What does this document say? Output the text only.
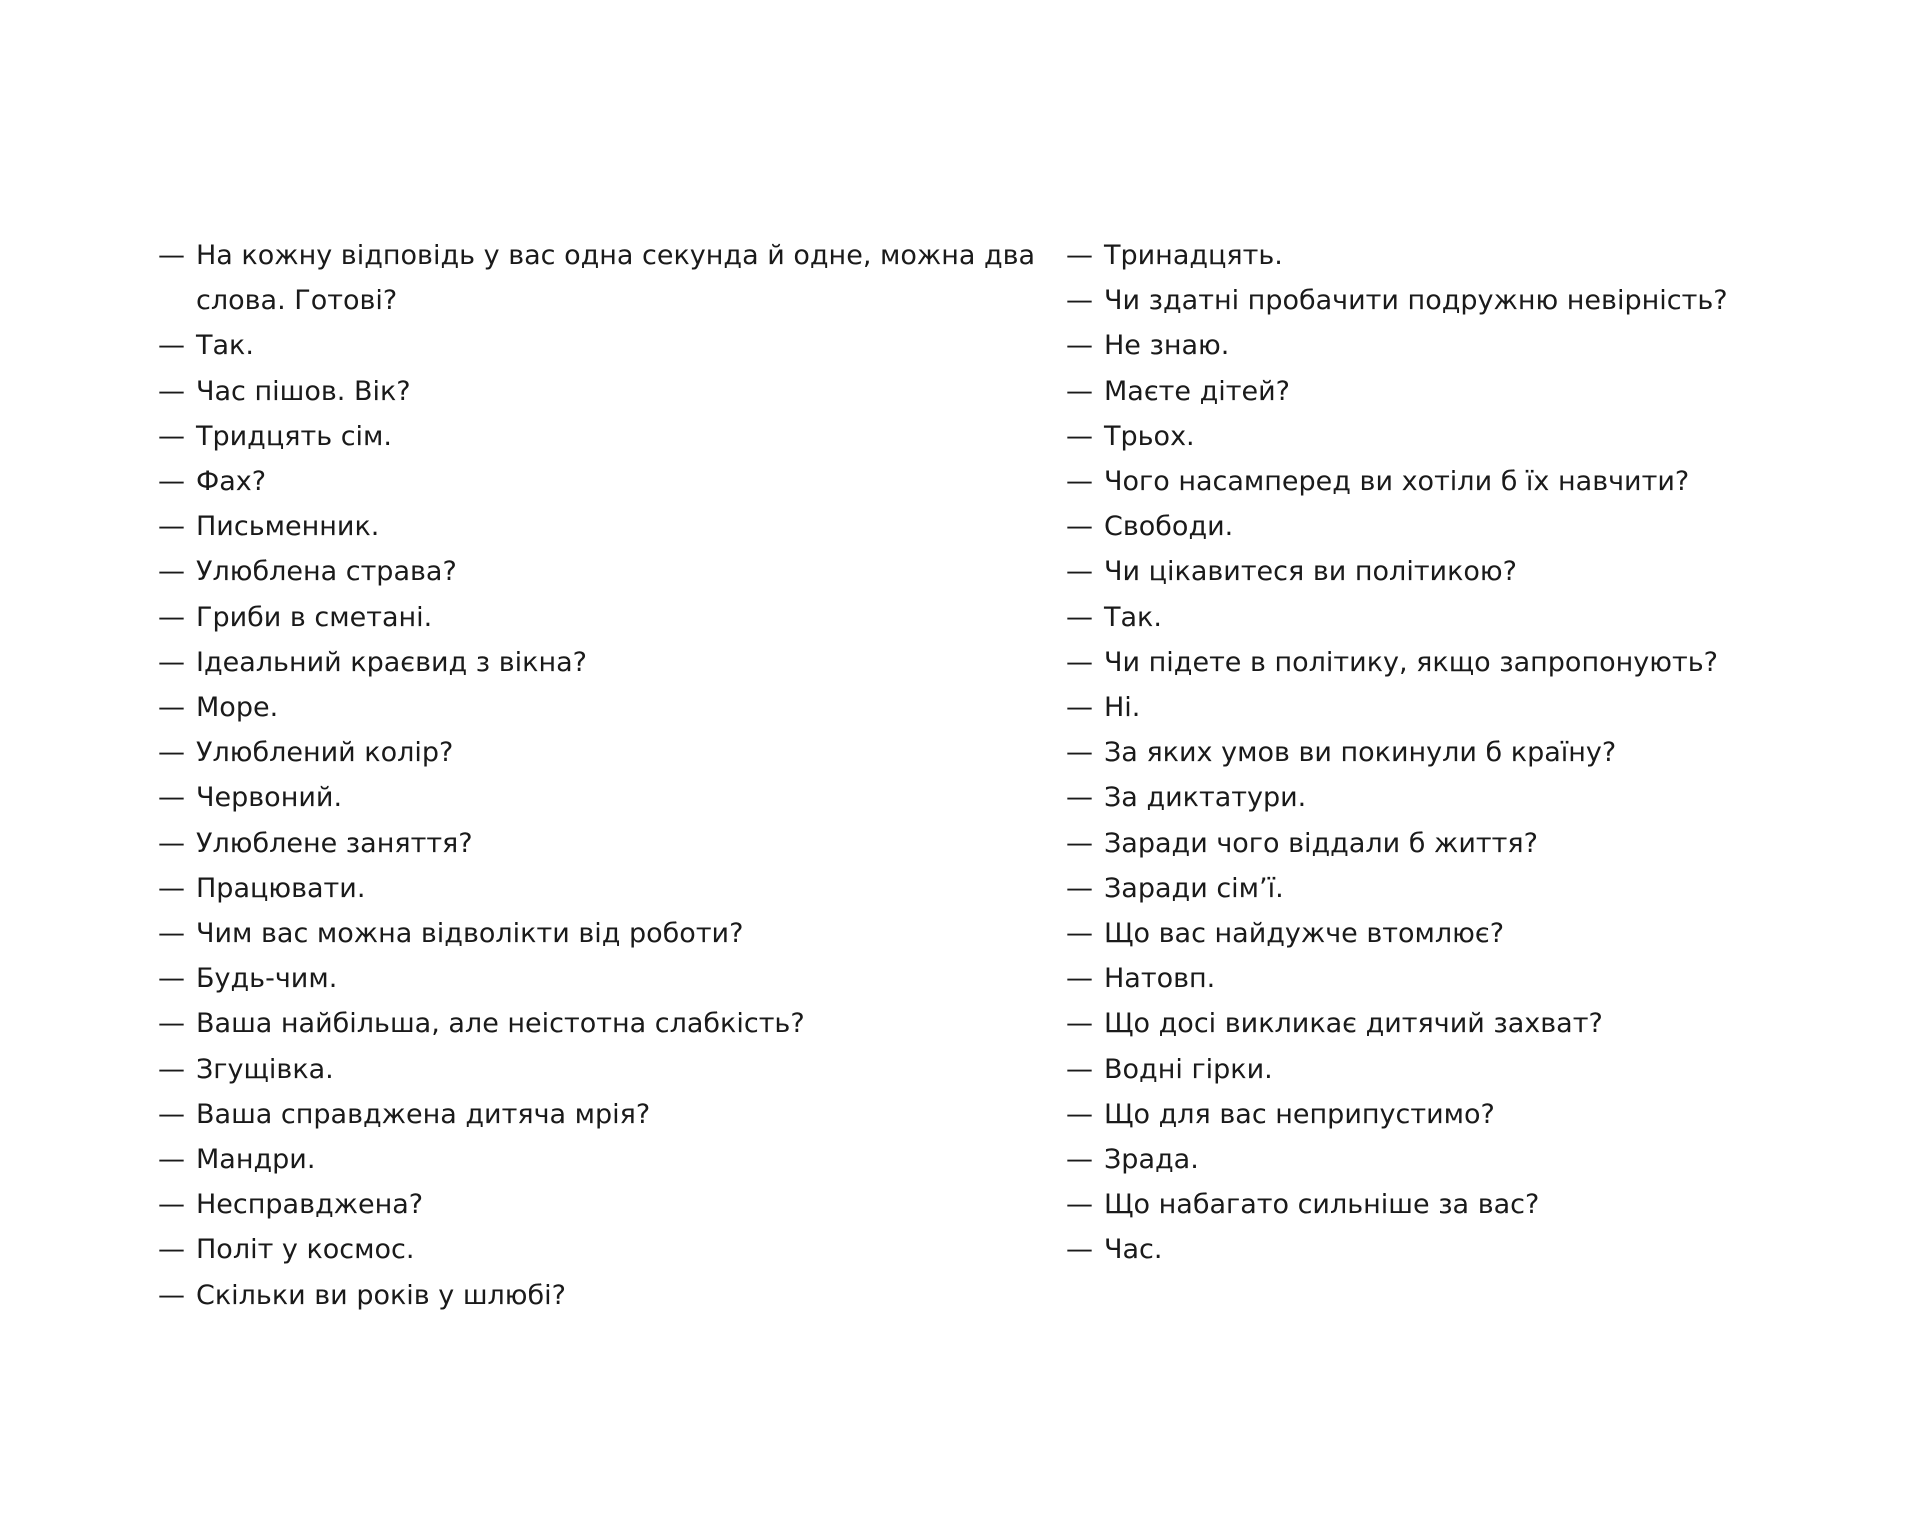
— На кожну відповідь у вас одна секунда й одне, можна два слова. Готові?
— Так.
— Час пішов. Вік?
— Тридцять сім.
— Фах?
— Письменник.
— Улюблена страва?
— Гриби в сметані.
— Ідеальний краєвид з вікна?
— Море.
— Улюблений колір?
— Червоний.
— Улюблене заняття?
— Працювати.
— Чим вас можна відволікти від роботи?
— Будь-чим.
— Ваша найбільша, але неістотна слабкість?
— Згущівка.
— Ваша справджена дитяча мрія?
— Мандри.
— Несправджена?
— Політ у космос.
— Скільки ви років у шлюбі?
— Тринадцять.
— Чи здатні пробачити подружню невірність?
— Не знаю.
— Маєте дітей?
— Трьох.
— Чого насамперед ви хотіли б їх навчити?
— Свободи.
— Чи цікавитеся ви політикою?
— Так.
— Чи підете в політику, якщо запропонують?
— Ні.
— За яких умов ви покинули б країну?
— За диктатури.
— Заради чого віддали б життя?
— Заради сім’ї.
— Що вас найдужче втомлює?
— Натовп.
— Що досі викликає дитячий захват?
— Водні гірки.
— Що для вас неприпустимо?
— Зрада.
— Що набагато сильніше за вас?
— Час.
